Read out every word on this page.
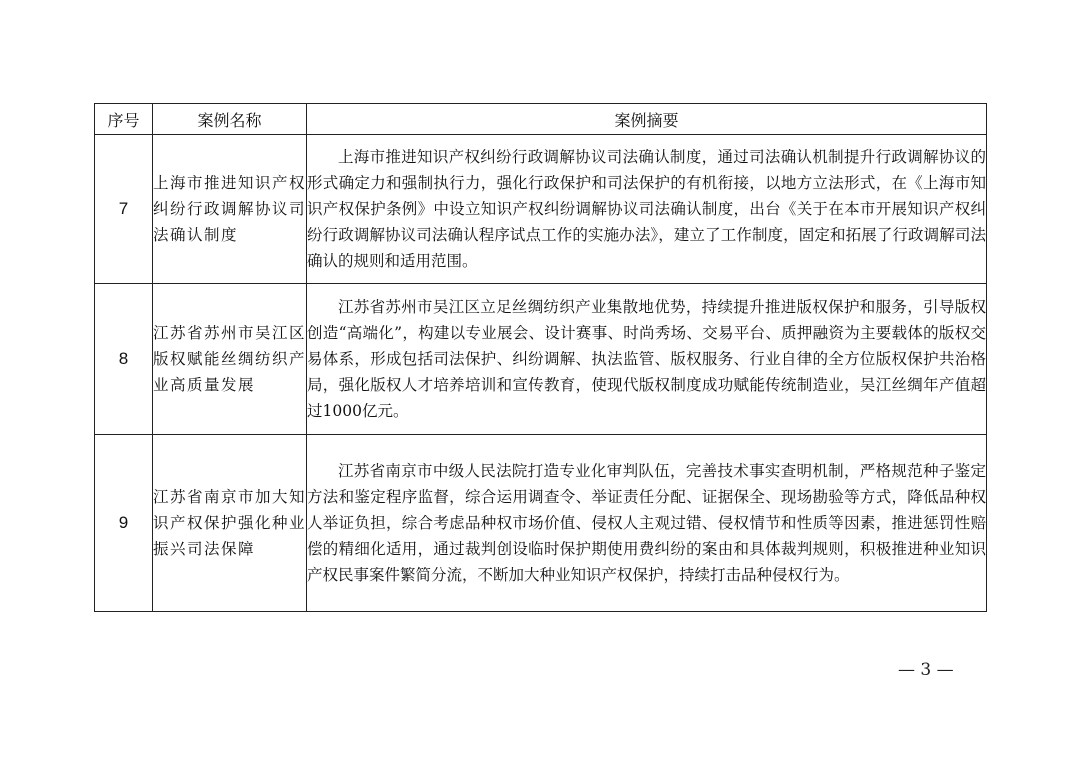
序号	案例名称	案例摘要
7	上海市推进知识产权纠纷行政调解协议司法确认制度	上海市推进知识产权纠纷行政调解协议司法确认制度，通过司法确认机制提升行政调解协议的形式确定力和强制执行力，强化行政保护和司法保护的有机衔接，以地方立法形式，在《上海市知识产权保护条例》中设立知识产权纠纷调解协议司法确认制度，出台《关于在本市开展知识产权纠纷行政调解协议司法确认程序试点工作的实施办法》，建立了工作制度，固定和拓展了行政调解司法确认的规则和适用范围。

8	江苏省苏州市吴江区版权赋能丝绸纺织产业高质量发展	江苏省苏州市吴江区立足丝绸纺织产业集散地优势，持续提升推进版权保护和服务，引导版权创造“高端化”，构建以专业展会、设计赛事、时尚秀场、交易平台、质押融资为主要载体的版权交易体系，形成包括司法保护、纠纷调解、执法监管、版权服务、行业自律的全方位版权保护共治格局，强化版权人才培养培训和宣传教育，使现代版权制度成功赋能传统制造业，吴江丝绸年产值超过1000亿元。

9	江苏省南京市加大知识产权保护强化种业振兴司法保障	江苏省南京市中级人民法院打造专业化审判队伍，完善技术事实查明机制，严格规范种子鉴定方法和鉴定程序监督，综合运用调查令、举证责任分配、证据保全、现场勘验等方式，降低品种权人举证负担，综合考虑品种权市场价值、侵权人主观过错、侵权情节和性质等因素，推进惩罚性赔偿的精细化适用，通过裁判创设临时保护期使用费纠纷的案由和具体裁判规则，积极推进种业知识产权民事案件繁简分流，不断加大种业知识产权保护，持续打击品种侵权行为。
— 3 —
